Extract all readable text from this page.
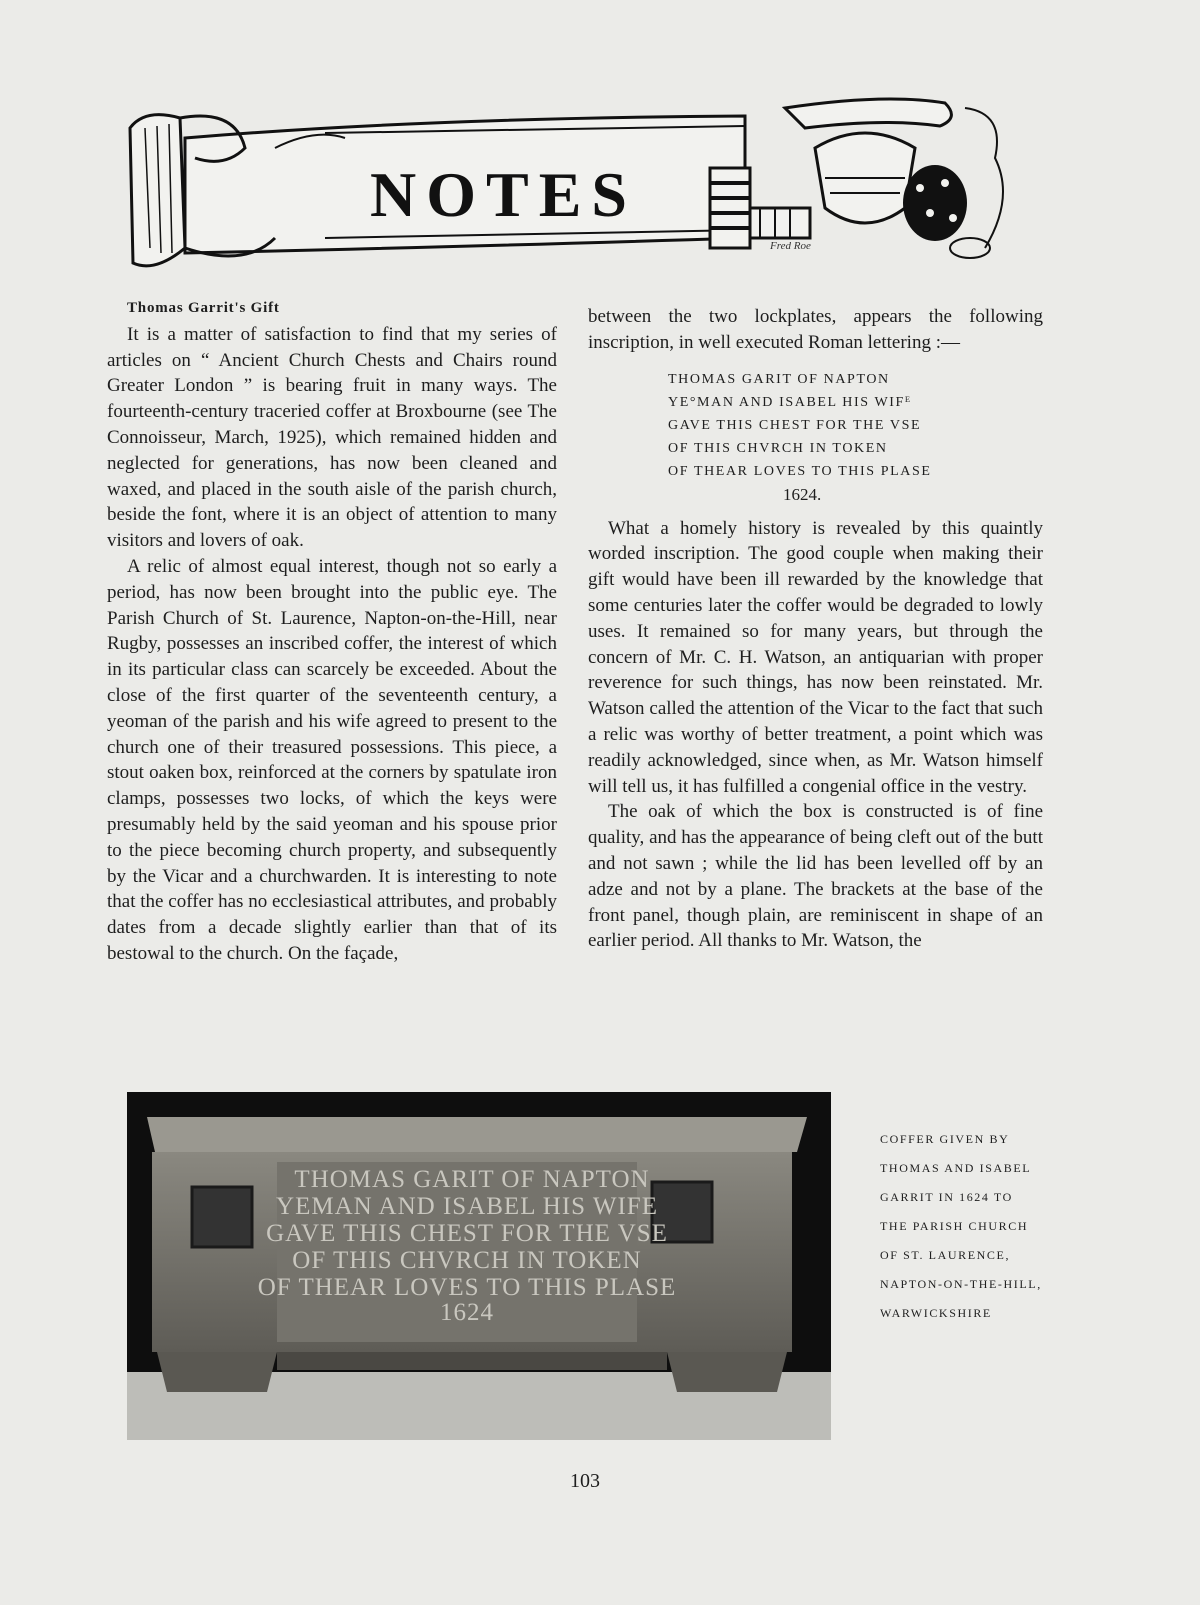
NOTES
Fred Roe

Thomas Garrit's Gift

It is a matter of satisfaction to find that my series of articles on “ Ancient Church Chests and Chairs round Greater London ” is bearing fruit in many ways. The fourteenth-century traceried coffer at Broxbourne (see The Connoisseur, March, 1925), which remained hidden and neglected for generations, has now been cleaned and waxed, and placed in the south aisle of the parish church, beside the font, where it is an object of attention to many visitors and lovers of oak.

A relic of almost equal interest, though not so early a period, has now been brought into the public eye. The Parish Church of St. Laurence, Napton-on-the-Hill, near Rugby, possesses an inscribed coffer, the interest of which in its particular class can scarcely be exceeded. About the close of the first quarter of the seventeenth century, a yeoman of the parish and his wife agreed to present to the church one of their treasured possessions. This piece, a stout oaken box, reinforced at the corners by spatulate iron clamps, possesses two locks, of which the keys were presumably held by the said yeoman and his spouse prior to the piece becoming church property, and subsequently by the Vicar and a churchwarden. It is interesting to note that the coffer has no ecclesiastical attributes, and probably dates from a decade slightly earlier than that of its bestowal to the church. On the façade,

between the two lockplates, appears the following inscription, in well executed Roman lettering :—

THOMAS GARIT OF NAPTON
YE°MAN AND ISABEL HIS WIFᴱ
GAVE THIS CHEST FOR THE VSE
OF THIS CHVRCH IN TOKEN
OF THEAR LOVES TO THIS PLASE
1624.

What a homely history is revealed by this quaintly worded inscription. The good couple when making their gift would have been ill rewarded by the knowledge that some centuries later the coffer would be degraded to lowly uses. It remained so for many years, but through the concern of Mr. C. H. Watson, an antiquarian with proper reverence for such things, has now been reinstated. Mr. Watson called the attention of the Vicar to the fact that such a relic was worthy of better treatment, a point which was readily acknowledged, since when, as Mr. Watson himself will tell us, it has fulfilled a congenial office in the vestry.

The oak of which the box is constructed is of fine quality, and has the appearance of being cleft out of the butt and not sawn ; while the lid has been levelled off by an adze and not by a plane. The brackets at the base of the front panel, though plain, are reminiscent in shape of an earlier period. All thanks to Mr. Watson, the

THOMAS GARIT OF NAPTON
YEMAN AND ISABEL HIS WIFE
GAVE THIS CHEST FOR THE VSE
OF THIS CHVRCH IN TOKEN
OF THEAR LOVES TO THIS PLASE
1624
COFFER GIVEN BY
THOMAS AND ISABEL
GARRIT IN 1624 TO
THE PARISH CHURCH
OF ST. LAURENCE,
NAPTON-ON-THE-HILL,
WARWICKSHIRE
103
